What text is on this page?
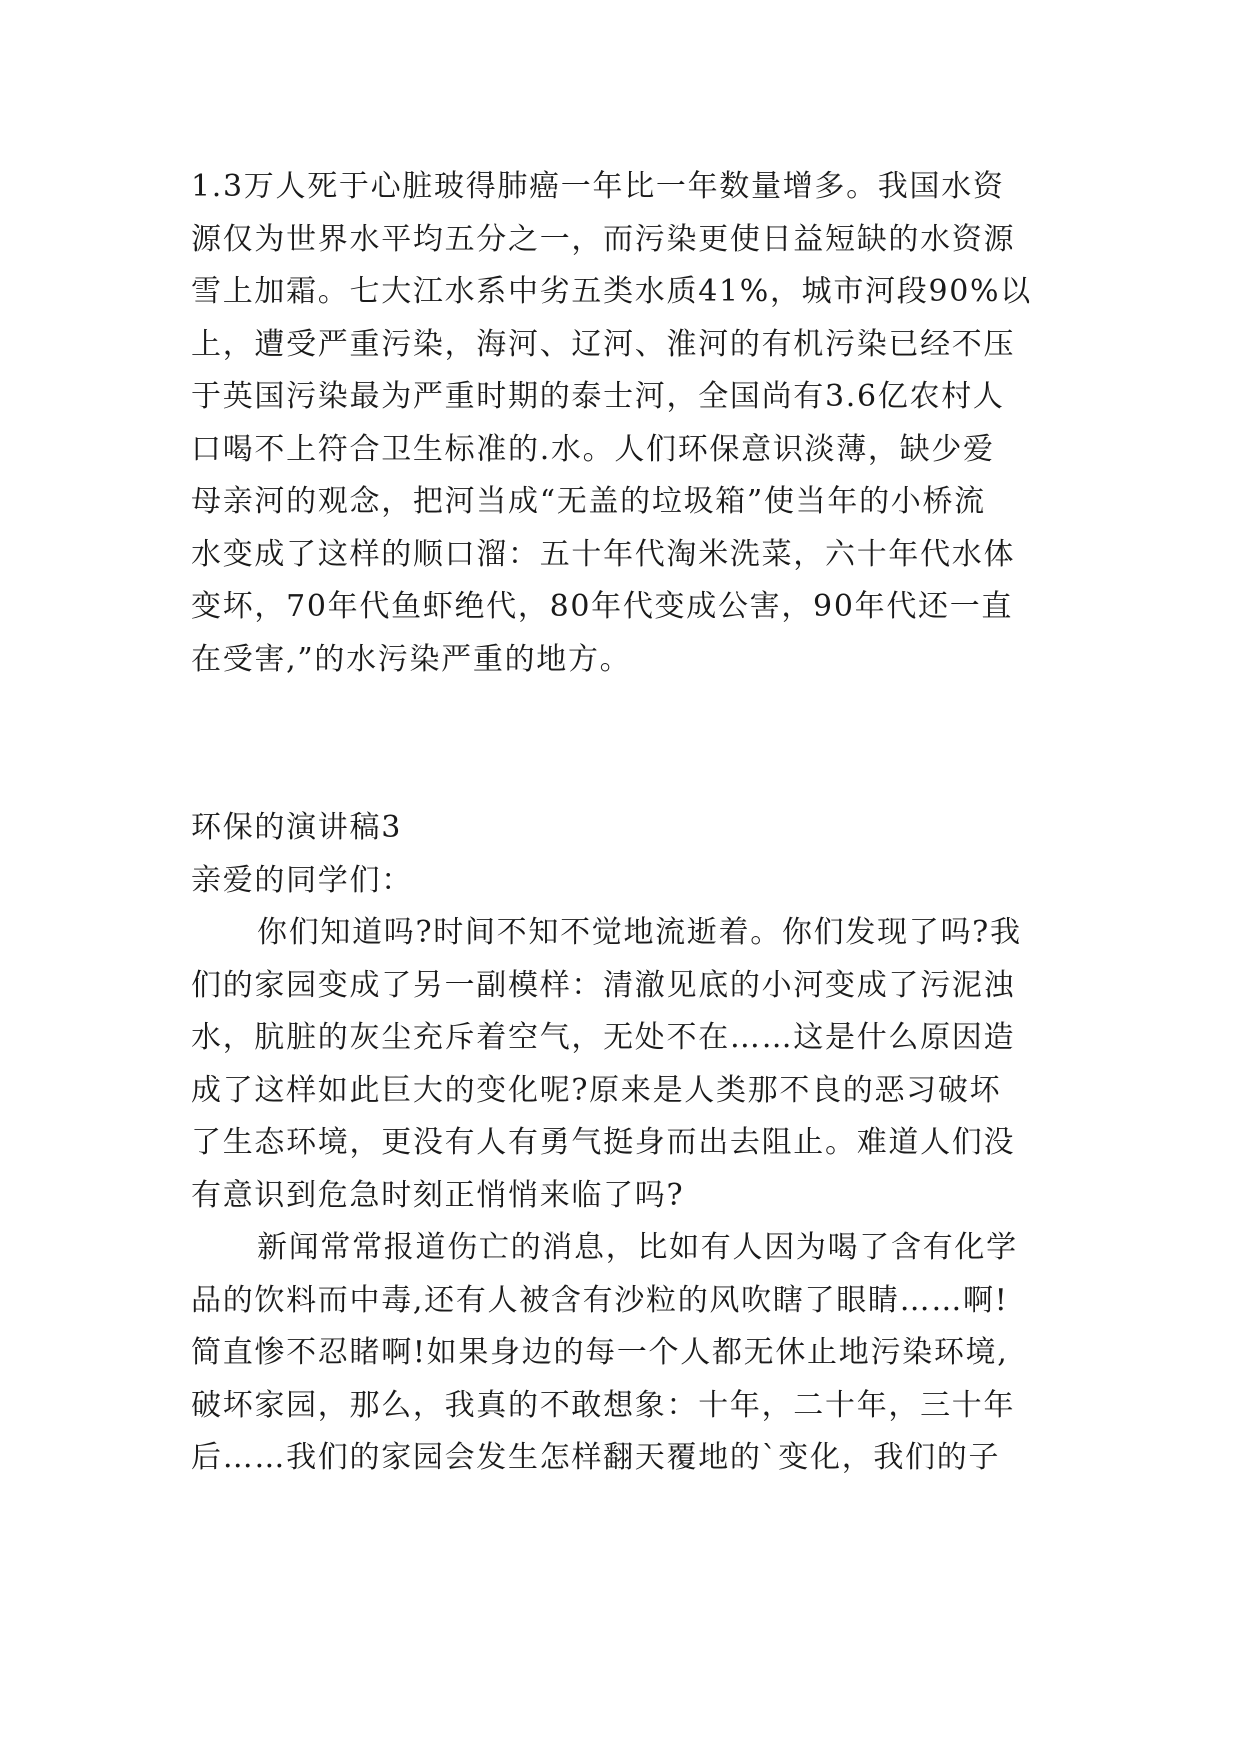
1.3万人死于心脏玻得肺癌一年比一年数量增多。我国水资
源仅为世界水平均五分之一，而污染更使日益短缺的水资源
雪上加霜。七大江水系中劣五类水质41%，城市河段90%以
上，遭受严重污染，海河、辽河、淮河的有机污染已经不压
于英国污染最为严重时期的泰士河，全国尚有3.6亿农村人
口喝不上符合卫生标准的.水。人们环保意识淡薄，缺少爱
母亲河的观念，把河当成“无盖的垃圾箱”使当年的小桥流
水变成了这样的顺口溜：五十年代淘米洗菜，六十年代水体
变坏，70年代鱼虾绝代，80年代变成公害，90年代还一直
在受害,”的水污染严重的地方。
环保的演讲稿3
亲爱的同学们：
你们知道吗?时间不知不觉地流逝着。你们发现了吗?我
们的家园变成了另一副模样：清澈见底的小河变成了污泥浊
水，肮脏的灰尘充斥着空气，无处不在……这是什么原因造
成了这样如此巨大的变化呢?原来是人类那不良的恶习破坏
了生态环境，更没有人有勇气挺身而出去阻止。难道人们没
有意识到危急时刻正悄悄来临了吗?
新闻常常报道伤亡的消息，比如有人因为喝了含有化学
品的饮料而中毒,还有人被含有沙粒的风吹瞎了眼睛……啊!
简直惨不忍睹啊!如果身边的每一个人都无休止地污染环境,
破坏家园，那么，我真的不敢想象：十年，二十年，三十年
后……我们的家园会发生怎样翻天覆地的`变化，我们的子
